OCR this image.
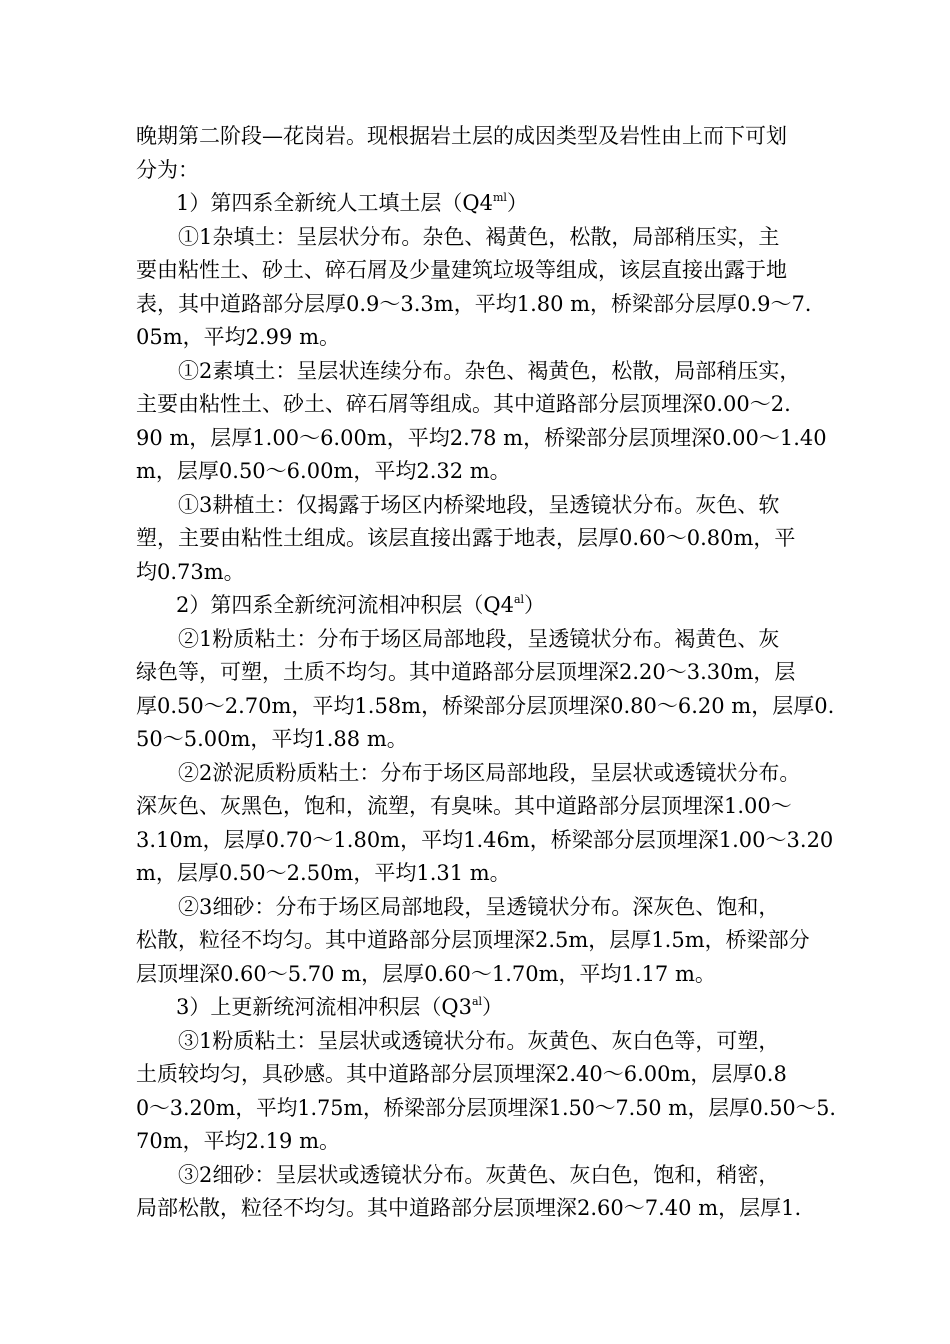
晚期第二阶段—花岗岩。现根据岩土层的成因类型及岩性由上而下可划
分为：
1）第四系全新统人工填土层$(Q4^{ml})$
①1杂填土：呈层状分布。杂色、褐黄色，松散，局部稍压实，主
要由粘性土、砂土、碎石屑及少量建筑垃圾等组成，该层直接出露于地
表，其中道路部分层厚0.9～3.3m，平均1.80 m，桥梁部分层厚0.9～7.
05m，平均2.99 m。
①2素填土：呈层状连续分布。杂色、褐黄色，松散，局部稍压实，
主要由粘性土、砂土、碎石屑等组成。其中道路部分层顶埋深0.00～2.
90 m，层厚1.00～6.00m，平均2.78 m，桥梁部分层顶埋深0.00～1.40
m，层厚0.50～6.00m，平均2.32 m。
①3耕植土：仅揭露于场区内桥梁地段，呈透镜状分布。灰色、软
塑，主要由粘性土组成。该层直接出露于地表，层厚0.60～0.80m，平
均0.73m。
2）第四系全新统河流相冲积层$(Q4^{al})$
②1粉质粘土：分布于场区局部地段，呈透镜状分布。褐黄色、灰
绿色等，可塑，土质不均匀。其中道路部分层顶埋深2.20～3.30m，层
厚0.50～2.70m，平均1.58m，桥梁部分层顶埋深0.80～6.20 m，层厚0.
50～5.00m，平均1.88 m。
②2淤泥质粉质粘土：分布于场区局部地段，呈层状或透镜状分布。
深灰色、灰黑色，饱和，流塑，有臭味。其中道路部分层顶埋深1.00～
3.10m，层厚0.70～1.80m，平均1.46m，桥梁部分层顶埋深1.00～3.20
m，层厚0.50～2.50m，平均1.31 m。
②3细砂：分布于场区局部地段，呈透镜状分布。深灰色、饱和，
松散，粒径不均匀。其中道路部分层顶埋深2.5m，层厚1.5m，桥梁部分
层顶埋深0.60～5.70 m，层厚0.60～1.70m，平均1.17 m。
3）上更新统河流相冲积层$(Q3^{al})$
③1粉质粘土：呈层状或透镜状分布。灰黄色、灰白色等，可塑，
土质较均匀，具砂感。其中道路部分层顶埋深2.40～6.00m，层厚0.8
0～3.20m，平均1.75m，桥梁部分层顶埋深1.50～7.50 m，层厚0.50～5.
70m，平均2.19 m。
③2细砂：呈层状或透镜状分布。灰黄色、灰白色，饱和，稍密，
局部松散，粒径不均匀。其中道路部分层顶埋深2.60～7.40 m，层厚1.
